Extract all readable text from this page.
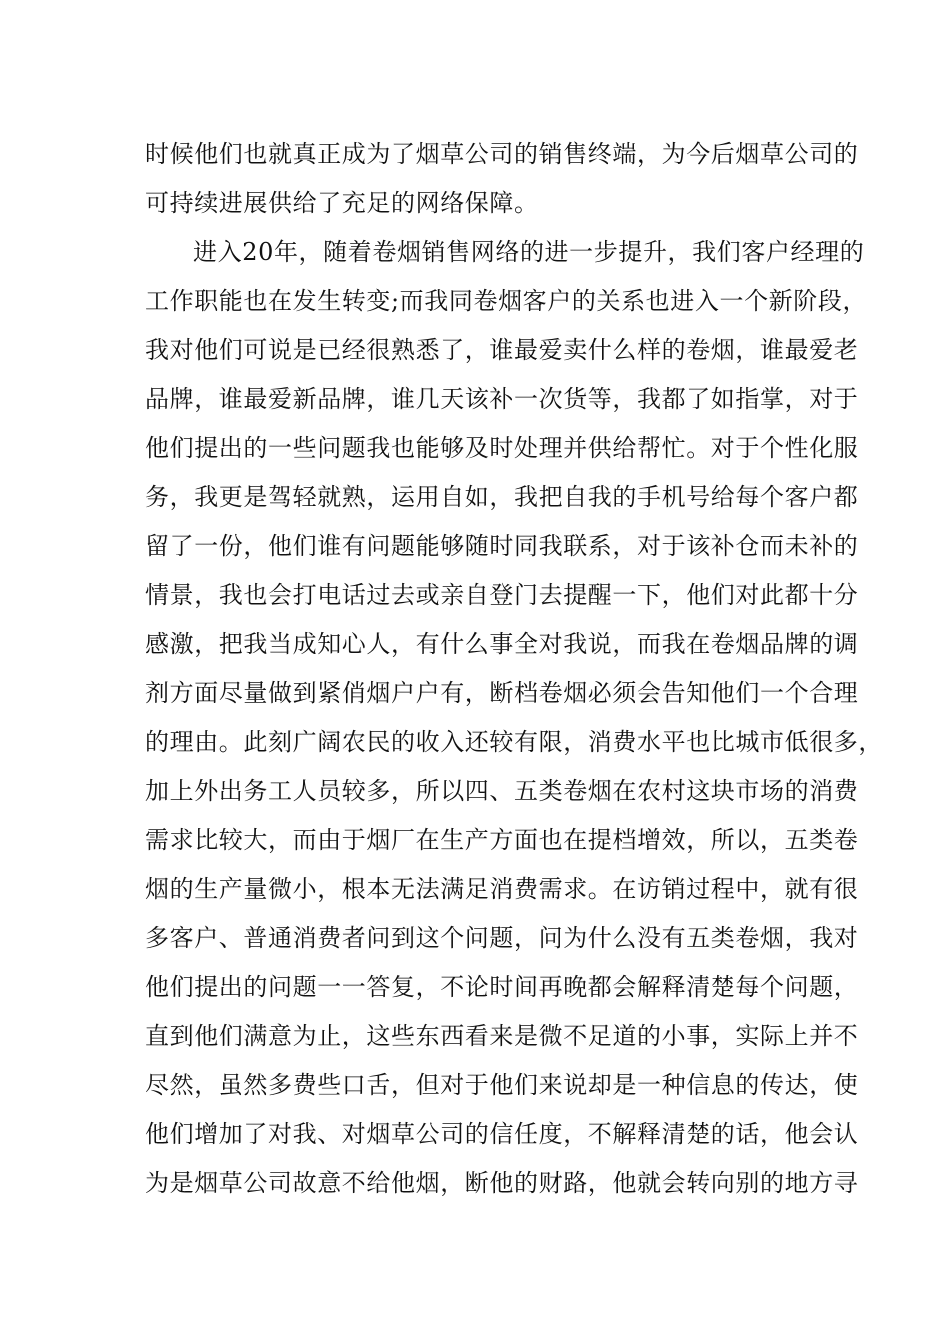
时候他们也就真正成为了烟草公司的销售终端，为今后烟草公司的
可持续进展供给了充足的网络保障。
进入20年，随着卷烟销售网络的进一步提升，我们客户经理的
工作职能也在发生转变;而我同卷烟客户的关系也进入一个新阶段，
我对他们可说是已经很熟悉了，谁最爱卖什么样的卷烟，谁最爱老
品牌，谁最爱新品牌，谁几天该补一次货等，我都了如指掌，对于
他们提出的一些问题我也能够及时处理并供给帮忙。对于个性化服
务，我更是驾轻就熟，运用自如，我把自我的手机号给每个客户都
留了一份，他们谁有问题能够随时同我联系，对于该补仓而未补的
情景，我也会打电话过去或亲自登门去提醒一下，他们对此都十分
感激，把我当成知心人，有什么事全对我说，而我在卷烟品牌的调
剂方面尽量做到紧俏烟户户有，断档卷烟必须会告知他们一个合理
的理由。此刻广阔农民的收入还较有限，消费水平也比城市低很多，
加上外出务工人员较多，所以四、五类卷烟在农村这块市场的消费
需求比较大，而由于烟厂在生产方面也在提档增效，所以，五类卷
烟的生产量微小，根本无法满足消费需求。在访销过程中，就有很
多客户、普通消费者问到这个问题，问为什么没有五类卷烟，我对
他们提出的问题一一答复，不论时间再晚都会解释清楚每个问题，
直到他们满意为止，这些东西看来是微不足道的小事，实际上并不
尽然，虽然多费些口舌，但对于他们来说却是一种信息的传达，使
他们增加了对我、对烟草公司的信任度，不解释清楚的话，他会认
为是烟草公司故意不给他烟，断他的财路，他就会转向别的地方寻
